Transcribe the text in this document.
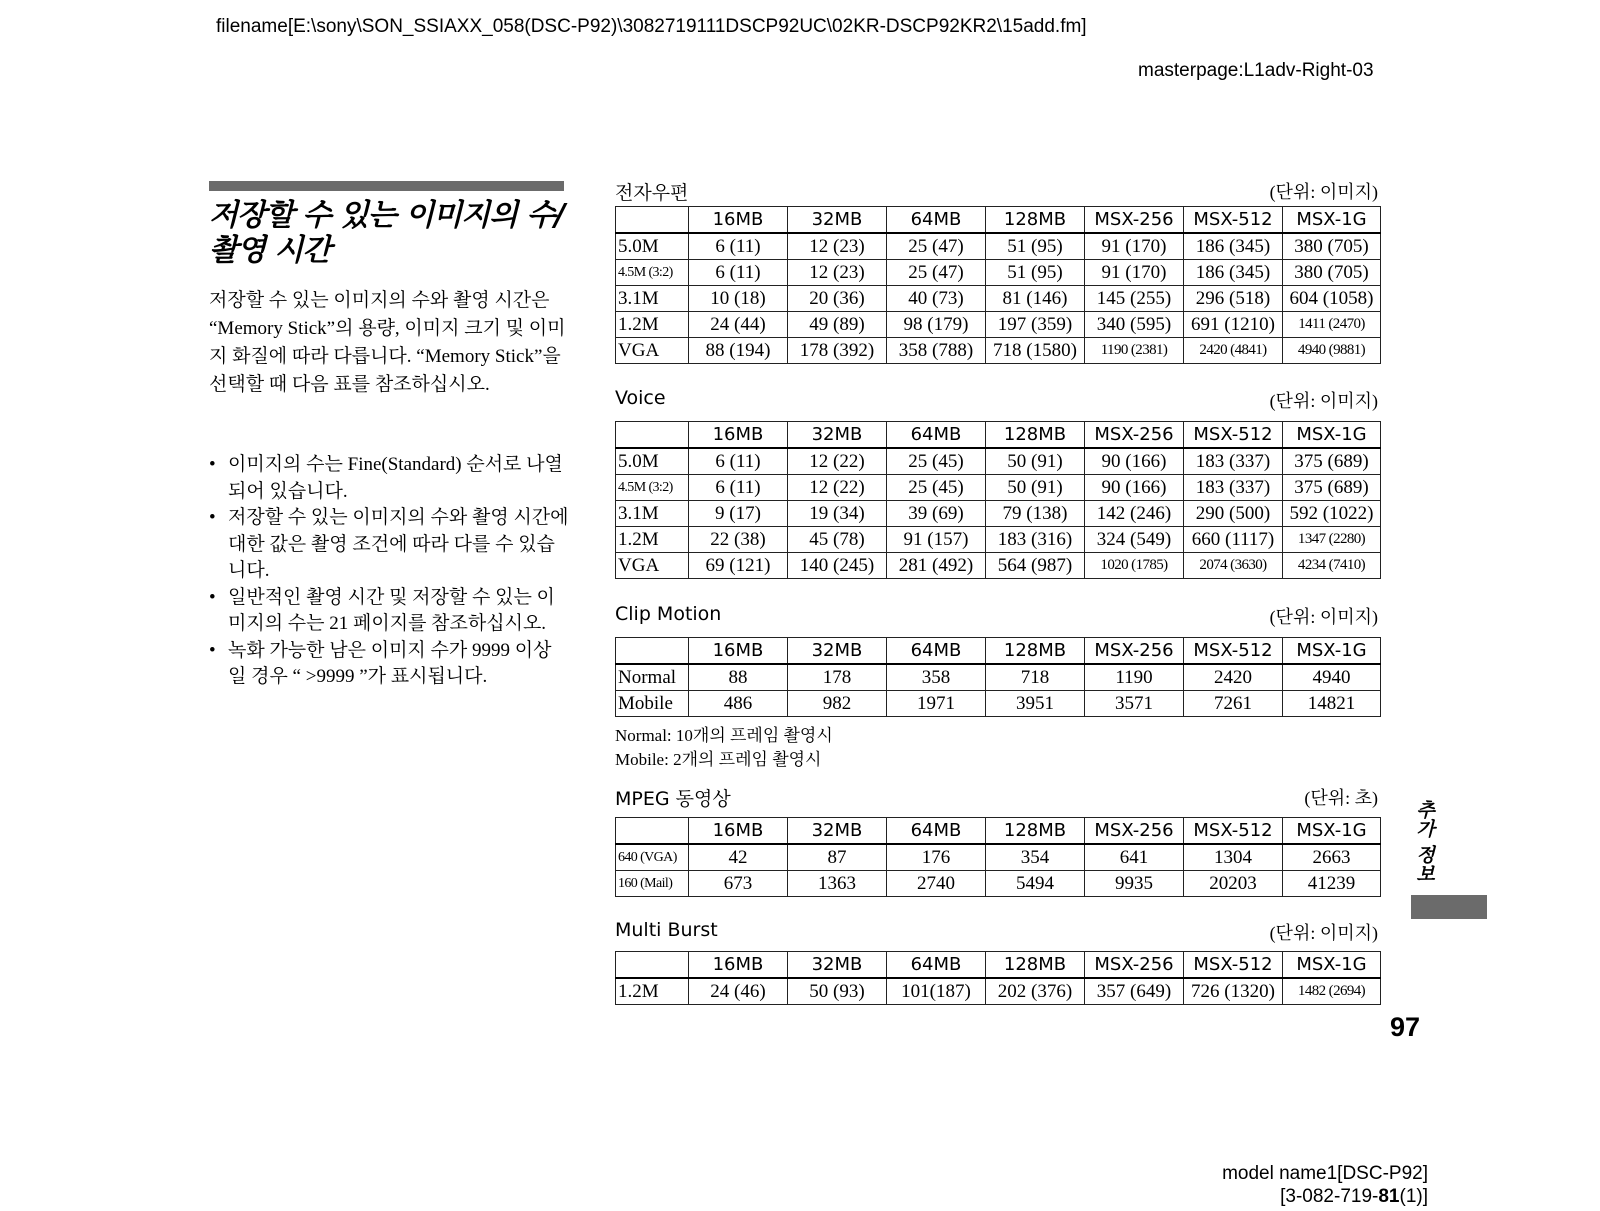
filename[E:\sony\SON_SSIAXX_058(DSC-P92)\3082719111DSCP92UC\02KR-DSCP92KR2\15add.fm]
masterpage:L1adv-Right-03
저장할 수 있는 이미지의 수/ 촬영 시간

저장할 수 있는 이미지의 수와 촬영 시간은 “Memory Stick”의 용량, 이미지 크기 및 이미지 화질에 따라 다릅니다. “Memory Stick”을 선택할 때 다음 표를 참조하십시오.

• 이미지의 수는 Fine(Standard) 순서로 나열되어 있습니다.
• 저장할 수 있는 이미지의 수와 촬영 시간에 대한 값은 촬영 조건에 따라 다를 수 있습니다.
• 일반적인 촬영 시간 및 저장할 수 있는 이미지의 수는 21 페이지를 참조하십시오.
• 녹화 가능한 남은 이미지 수가 9999 이상일 경우 “ >9999 ”가 표시됩니다.
전자우편	(단위: 이미지)
	16MB	32MB	64MB	128MB	MSX-256	MSX-512	MSX-1G
5.0M	6 (11)	12 (23)	25 (47)	51 (95)	91 (170)	186 (345)	380 (705)
4.5M (3:2)	6 (11)	12 (23)	25 (47)	51 (95)	91 (170)	186 (345)	380 (705)
3.1M	10 (18)	20 (36)	40 (73)	81 (146)	145 (255)	296 (518)	604 (1058)
1.2M	24 (44)	49 (89)	98 (179)	197 (359)	340 (595)	691 (1210)	1411 (2470)
VGA	88 (194)	178 (392)	358 (788)	718 (1580)	1190 (2381)	2420 (4841)	4940 (9881)
Voice	(단위: 이미지)
	16MB	32MB	64MB	128MB	MSX-256	MSX-512	MSX-1G
5.0M	6 (11)	12 (22)	25 (45)	50 (91)	90 (166)	183 (337)	375 (689)
4.5M (3:2)	6 (11)	12 (22)	25 (45)	50 (91)	90 (166)	183 (337)	375 (689)
3.1M	9 (17)	19 (34)	39 (69)	79 (138)	142 (246)	290 (500)	592 (1022)
1.2M	22 (38)	45 (78)	91 (157)	183 (316)	324 (549)	660 (1117)	1347 (2280)
VGA	69 (121)	140 (245)	281 (492)	564 (987)	1020 (1785)	2074 (3630)	4234 (7410)
Clip Motion	(단위: 이미지)
	16MB	32MB	64MB	128MB	MSX-256	MSX-512	MSX-1G
Normal	88	178	358	718	1190	2420	4940
Mobile	486	982	1971	3951	3571	7261	14821
Normal: 10개의 프레임 촬영시
Mobile: 2개의 프레임 촬영시
MPEG 동영상	(단위: 초)
	16MB	32MB	64MB	128MB	MSX-256	MSX-512	MSX-1G
640 (VGA)	42	87	176	354	641	1304	2663
160 (Mail)	673	1363	2740	5494	9935	20203	41239
Multi Burst	(단위: 이미지)
	16MB	32MB	64MB	128MB	MSX-256	MSX-512	MSX-1G
1.2M	24 (46)	50 (93)	101(187)	202 (376)	357 (649)	726 (1320)	1482 (2694)
추가 정보
97
model name1[DSC-P92]
[3-082-719-81(1)]
